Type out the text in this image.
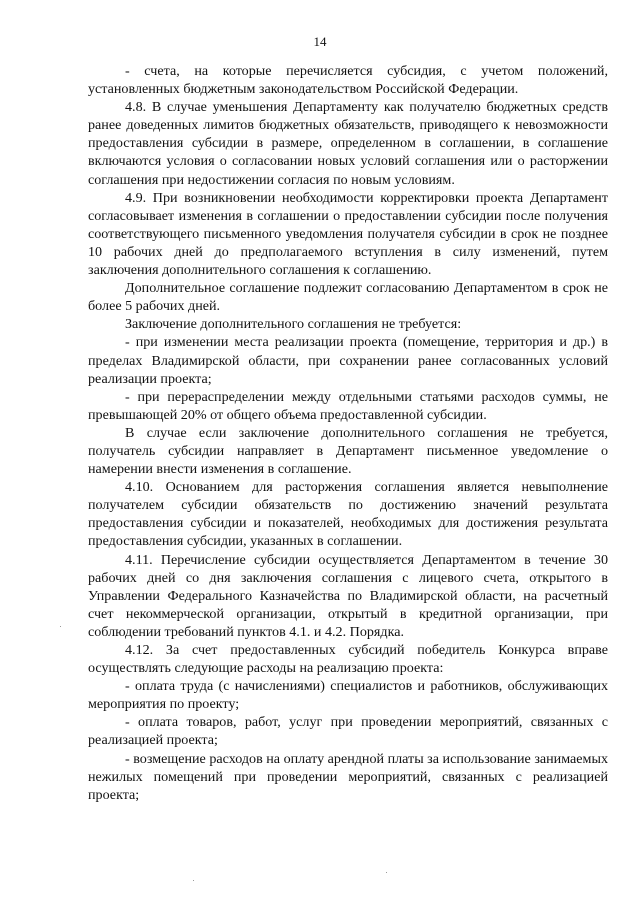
14

- счета, на которые перечисляется субсидия, с учетом положений, установленных бюджетным законодательством Российской Федерации.

4.8. В случае уменьшения Департаменту как получателю бюджетных средств ранее доведенных лимитов бюджетных обязательств, приводящего к невозможности предоставления субсидии в размере, определенном в соглашении, в соглашение включаются условия о согласовании новых условий соглашения или о расторжении соглашения при недостижении согласия по новым условиям.

4.9. При возникновении необходимости корректировки проекта Департамент согласовывает изменения в соглашении о предоставлении субсидии после получения соответствующего письменного уведомления получателя субсидии в срок не позднее 10 рабочих дней до предполагаемого вступления в силу изменений, путем заключения дополнительного соглашения к соглашению.

Дополнительное соглашение подлежит согласованию Департаментом в срок не более 5 рабочих дней.

Заключение дополнительного соглашения не требуется:

- при изменении места реализации проекта (помещение, территория и др.) в пределах Владимирской области, при сохранении ранее согласованных условий реализации проекта;

- при перераспределении между отдельными статьями расходов суммы, не превышающей 20% от общего объема предоставленной субсидии.

В случае если заключение дополнительного соглашения не требуется, получатель субсидии направляет в Департамент письменное уведомление о намерении внести изменения в соглашение.

4.10. Основанием для расторжения соглашения является невыполнение получателем субсидии обязательств по достижению значений результата предоставления субсидии и показателей, необходимых для достижения результата предоставления субсидии, указанных в соглашении.

4.11. Перечисление субсидии осуществляется Департаментом в течение 30 рабочих дней со дня заключения соглашения с лицевого счета, открытого в Управлении Федерального Казначейства по Владимирской области, на расчетный счет некоммерческой организации, открытый в кредитной организации, при соблюдении требований пунктов 4.1. и 4.2. Порядка.

4.12. За счет предоставленных субсидий победитель Конкурса вправе осуществлять следующие расходы на реализацию проекта:

- оплата труда (с начислениями) специалистов и работников, обслуживающих мероприятия по проекту;

- оплата товаров, работ, услуг при проведении мероприятий, связанных с реализацией проекта;

- возмещение расходов на оплату арендной платы за использование занимаемых нежилых помещений при проведении мероприятий, связанных с реализацией проекта;
